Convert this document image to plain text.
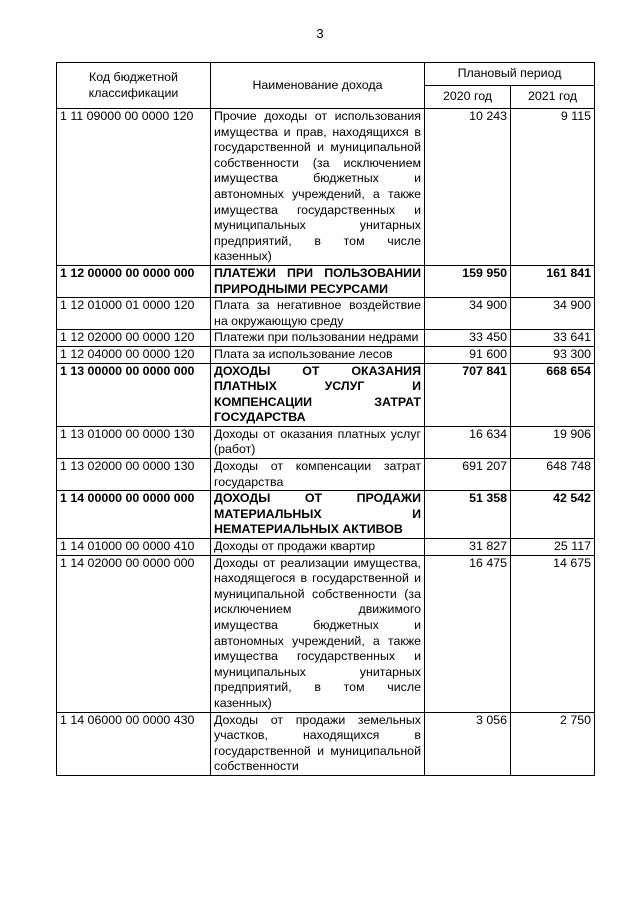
3
Код бюджетной классификации	Наименование дохода	Плановый период	
		2020 год	2021 год
1 11 09000 00 0000 120	Прочие доходы от использования имущества и прав, находящихся в государственной и муниципальной собственности (за исключением имущества бюджетных и автономных учреждений, а также имущества государственных и муниципальных унитарных предприятий, в том числе казенных)	10 243	9 115
1 12 00000 00 0000 000	ПЛАТЕЖИ ПРИ ПОЛЬЗОВАНИИ ПРИРОДНЫМИ РЕСУРСАМИ	159 950	161 841
1 12 01000 01 0000 120	Плата за негативное воздействие на окружающую среду	34 900	34 900
1 12 02000 00 0000 120	Платежи при пользовании недрами	33 450	33 641
1 12 04000 00 0000 120	Плата за использование лесов	91 600	93 300
1 13 00000 00 0000 000	ДОХОДЫ ОТ ОКАЗАНИЯ ПЛАТНЫХ УСЛУГ И КОМПЕНСАЦИИ ЗАТРАТ ГОСУДАРСТВА	707 841	668 654
1 13 01000 00 0000 130	Доходы от оказания платных услуг (работ)	16 634	19 906
1 13 02000 00 0000 130	Доходы от компенсации затрат государства	691 207	648 748
1 14 00000 00 0000 000	ДОХОДЫ ОТ ПРОДАЖИ МАТЕРИАЛЬНЫХ И НЕМАТЕРИАЛЬНЫХ АКТИВОВ	51 358	42 542
1 14 01000 00 0000 410	Доходы от продажи квартир	31 827	25 117
1 14 02000 00 0000 000	Доходы от реализации имущества, находящегося в государственной и муниципальной собственности (за исключением движимого имущества бюджетных и автономных учреждений, а также имущества государственных и муниципальных унитарных предприятий, в том числе казенных)	16 475	14 675
1 14 06000 00 0000 430	Доходы от продажи земельных участков, находящихся в государственной и муниципальной собственности	3 056	2 750
